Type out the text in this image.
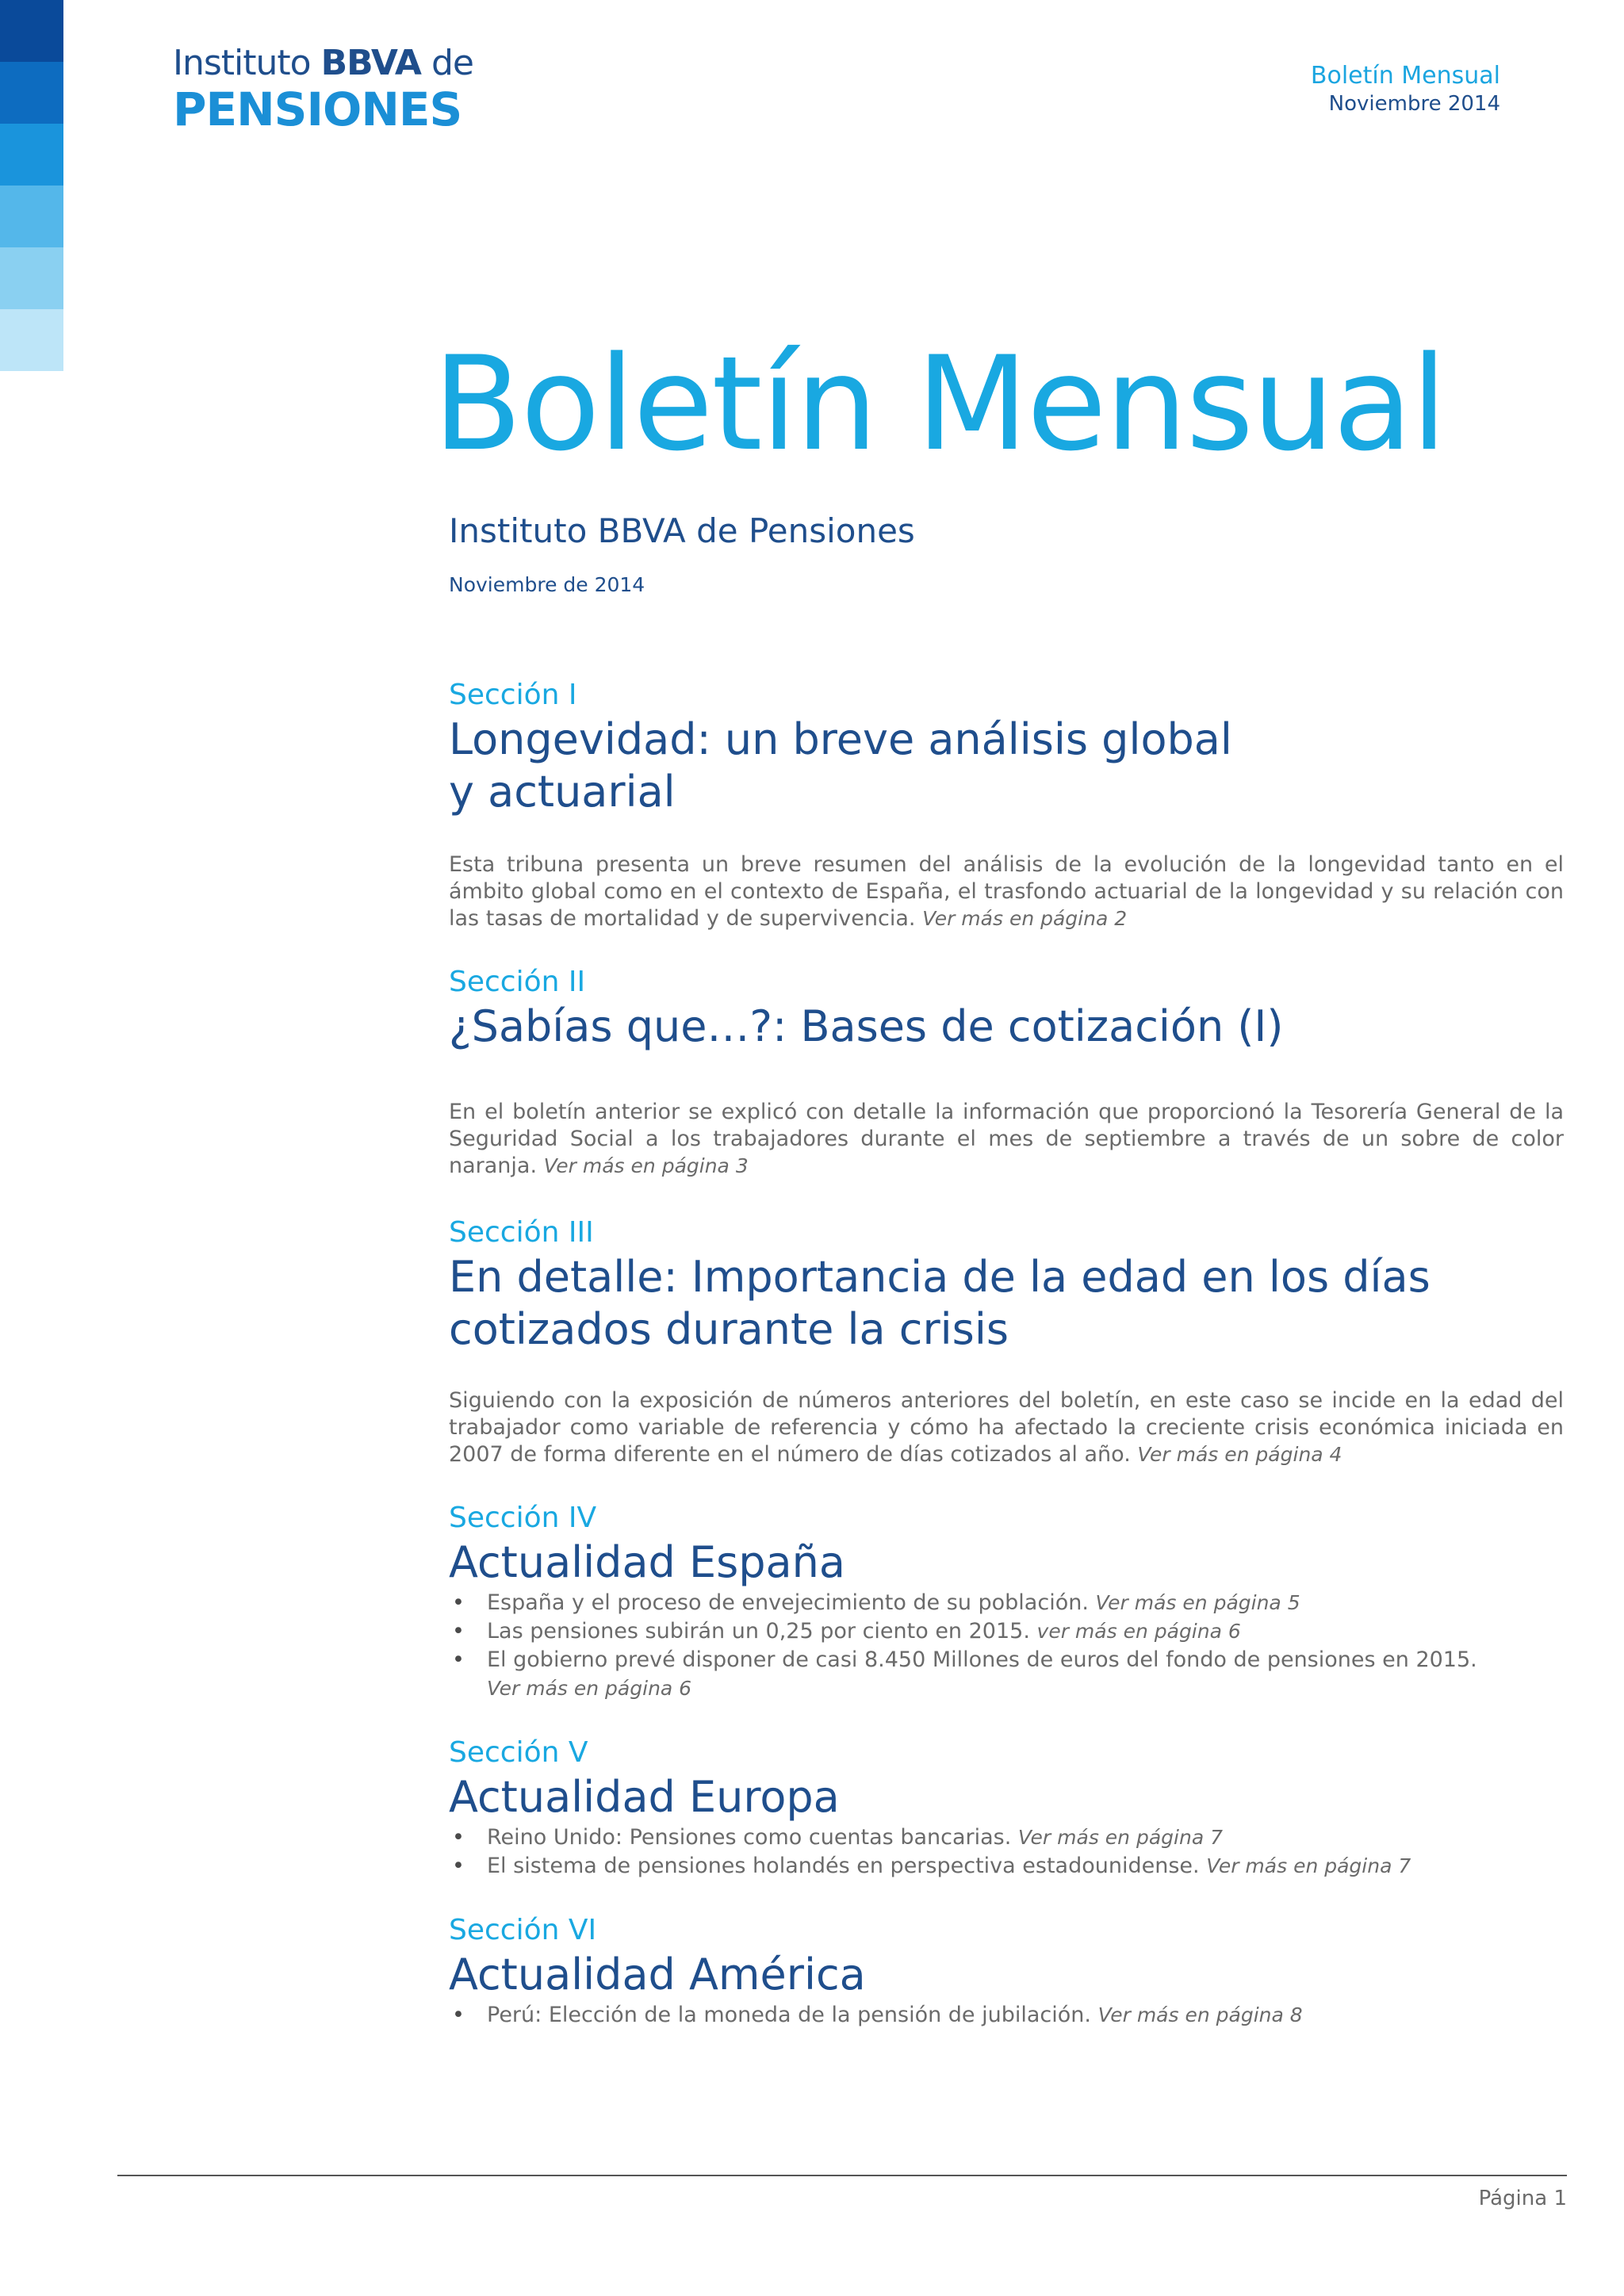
Instituto BBVA de
PENSIONES
Boletín Mensual
Noviembre 2014
Boletín Mensual

Instituto BBVA de Pensiones

Noviembre de 2014

Sección I

Longevidad: un breve análisis global
y actuarial

Esta tribuna presenta un breve resumen del análisis de la evolución de la longevidad tanto en el ámbito global como en el contexto de España, el trasfondo actuarial de la longevidad y su relación con las tasas de mortalidad y de supervivencia. Ver más en página 2

Sección II

¿Sabías que…?: Bases de cotización (I)

En el boletín anterior se explicó con detalle la información que proporcionó la Tesorería General de la Seguridad Social a los trabajadores durante el mes de septiembre a través de un sobre de color naranja. Ver más en página 3

Sección III

En detalle: Importancia de la edad en los días
cotizados durante la crisis

Siguiendo con la exposición de números anteriores del boletín, en este caso se incide en la edad del trabajador como variable de referencia y cómo ha afectado la creciente crisis económica iniciada en 2007 de forma diferente en el número de días cotizados al año. Ver más en página 4

Sección IV

Actualidad España
• España y el proceso de envejecimiento de su población. Ver más en página 5
• Las pensiones subirán un 0,25 por ciento en 2015. ver más en página 6
• El gobierno prevé disponer de casi 8.450 Millones de euros del fondo de pensiones en 2015.
Ver más en página 6

Sección V

Actualidad Europa
• Reino Unido: Pensiones como cuentas bancarias. Ver más en página 7
• El sistema de pensiones holandés en perspectiva estadounidense. Ver más en página 7

Sección VI

Actualidad América
• Perú: Elección de la moneda de la pensión de jubilación. Ver más en página 8
Página 1
